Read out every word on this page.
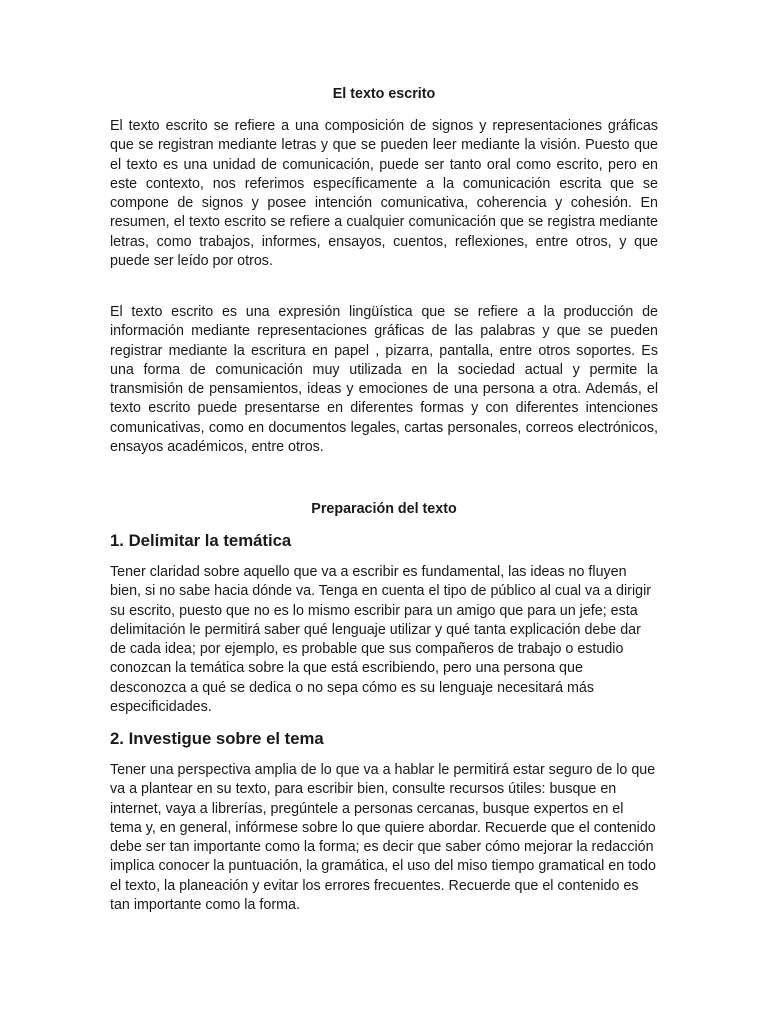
El texto escrito

El texto escrito se refiere a una composición de signos y representaciones gráficas que se registran mediante letras y que se pueden leer mediante la visión. Puesto que el texto es una unidad de comunicación, puede ser tanto oral como escrito, pero en este contexto, nos referimos específicamente a la comunicación escrita que se compone de signos y posee intención comunicativa, coherencia y cohesión. En resumen, el texto escrito se refiere a cualquier comunicación que se registra mediante letras, como trabajos, informes, ensayos, cuentos, reflexiones, entre otros, y que puede ser leído por otros.

El texto escrito es una expresión lingüística que se refiere a la producción de información mediante representaciones gráficas de las palabras y que se pueden registrar mediante la escritura en papel , pizarra, pantalla, entre otros soportes. Es una forma de comunicación muy utilizada en la sociedad actual y permite la transmisión de pensamientos, ideas y emociones de una persona a otra. Además, el texto escrito puede presentarse en diferentes formas y con diferentes intenciones comunicativas, como en documentos legales, cartas personales, correos electrónicos, ensayos académicos, entre otros.

Preparación del texto
1. Delimitar la temática

Tener claridad sobre aquello que va a escribir es fundamental, las ideas no fluyen bien, si no sabe hacia dónde va. Tenga en cuenta el tipo de público al cual va a dirigir su escrito, puesto que no es lo mismo escribir para un amigo que para un jefe; esta delimitación le permitirá saber qué lenguaje utilizar y qué tanta explicación debe dar de cada idea; por ejemplo, es probable que sus compañeros de trabajo o estudio conozcan la temática sobre la que está escribiendo, pero una persona que desconozca a qué se dedica o no sepa cómo es su lenguaje necesitará más especificidades.

2. Investigue sobre el tema

Tener una perspectiva amplia de lo que va a hablar le permitirá estar seguro de lo que va a plantear en su texto, para escribir bien, consulte recursos útiles: busque en internet, vaya a librerías, pregúntele a personas cercanas, busque expertos en el tema y, en general, infórmese sobre lo que quiere abordar. Recuerde que el contenido debe ser tan importante como la forma; es decir que saber cómo mejorar la redacción implica conocer la puntuación, la gramática, el uso del miso tiempo gramatical en todo el texto, la planeación y evitar los errores frecuentes. Recuerde que el contenido es tan importante como la forma.
